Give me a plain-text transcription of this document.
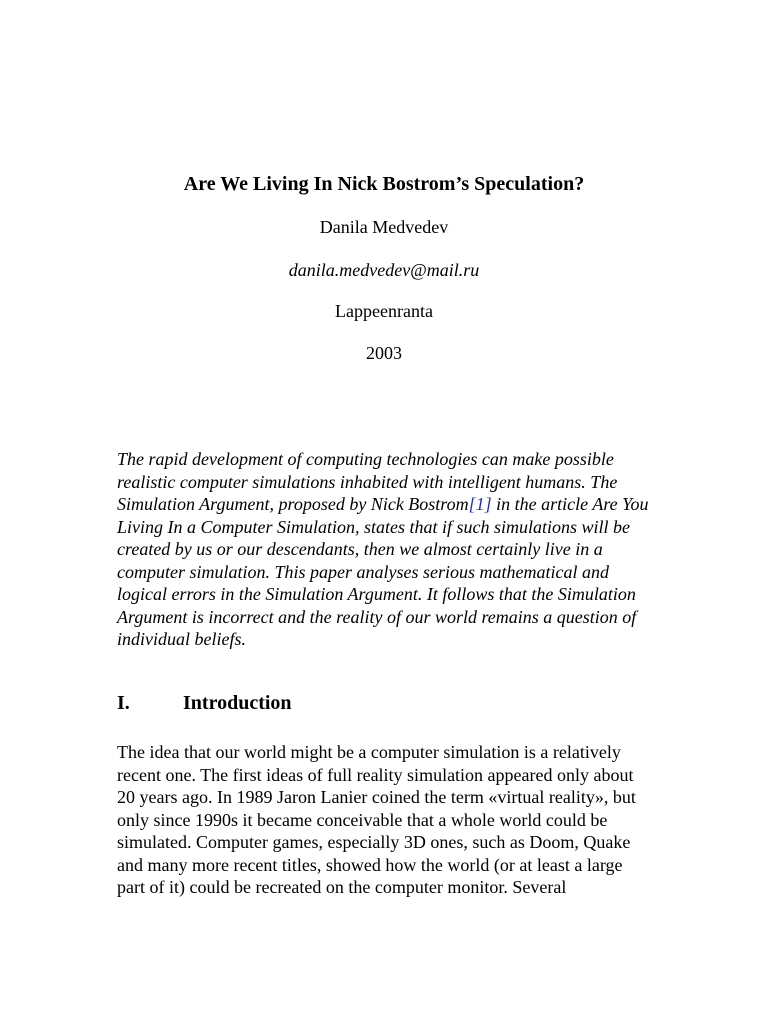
Are We Living In Nick Bostrom’s Speculation?
Danila Medvedev
danila.medvedev@mail.ru
Lappeenranta
2003

The rapid development of computing technologies can make possible realistic computer simulations inhabited with intelligent humans. The Simulation Argument, proposed by Nick Bostrom[1] in the article Are You Living In a Computer Simulation, states that if such simulations will be created by us or our descendants, then we almost certainly live in a computer simulation. This paper analyses serious mathematical and logical errors in the Simulation Argument. It follows that the Simulation Argument is incorrect and the reality of our world remains a question of individual beliefs.

I.	Introduction

The idea that our world might be a computer simulation is a relatively recent one. The first ideas of full reality simulation appeared only about 20 years ago. In 1989 Jaron Lanier coined the term «virtual reality», but only since 1990s it became conceivable that a whole world could be simulated. Computer games, especially 3D ones, such as Doom, Quake and many more recent titles, showed how the world (or at least a large part of it) could be recreated on the computer monitor. Several
